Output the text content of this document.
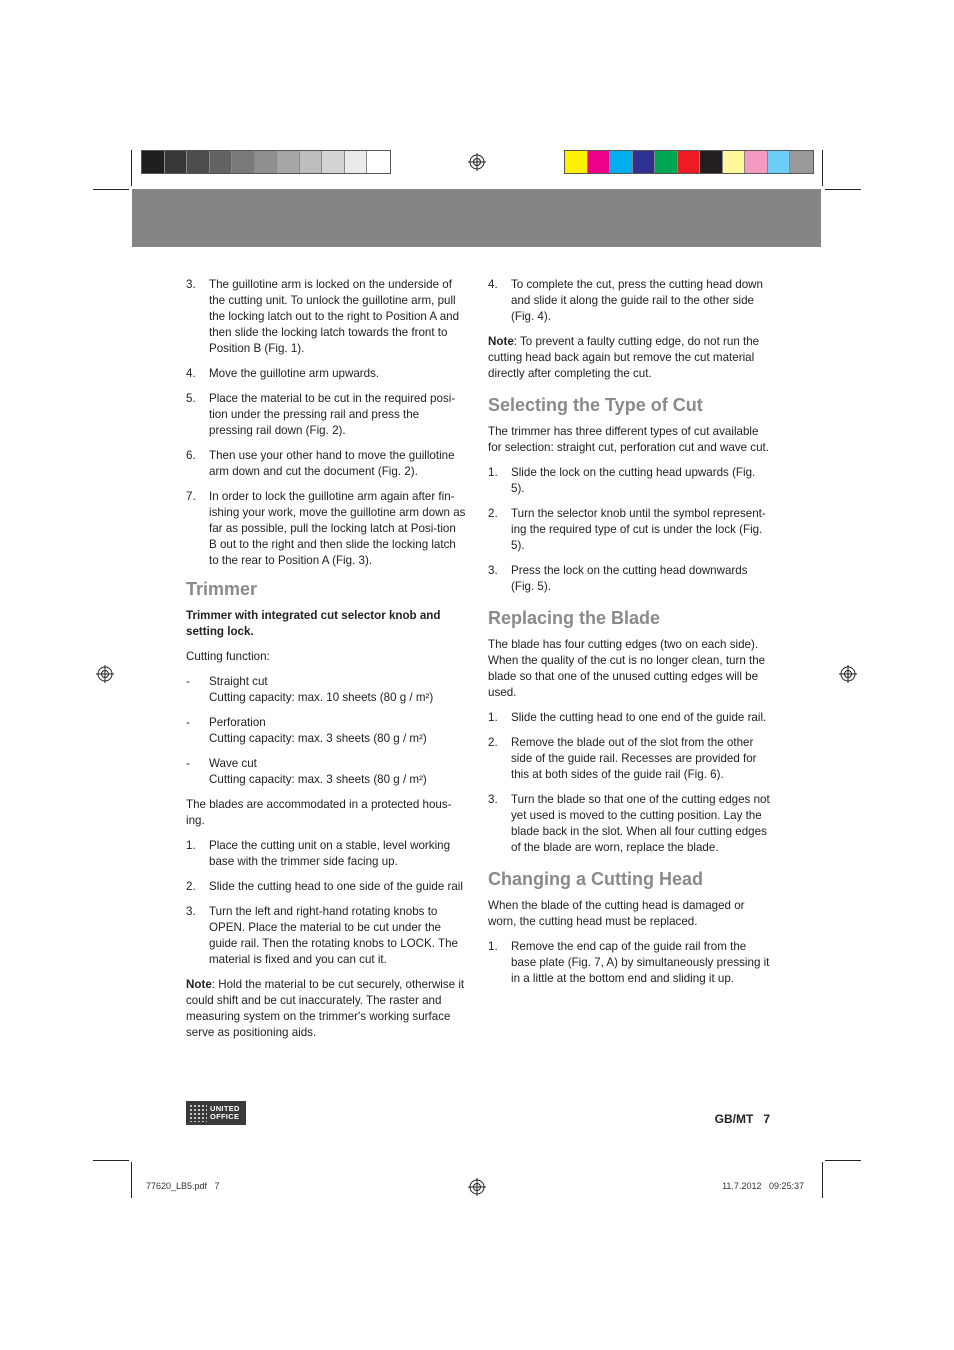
3.	The guillotine arm is locked on the underside of the cutting unit. To unlock the guillotine arm, pull the locking latch out to the right to Position A and then slide the locking latch towards the front to Position B (Fig. 1).
4.	Move the guillotine arm upwards.
5.	Place the material to be cut in the required posi-tion under the pressing rail and press the pressing rail down (Fig. 2).
6.	Then use your other hand to move the guillotine arm down and cut the document (Fig. 2).
7.	In order to lock the guillotine arm again after fin-ishing your work, move the guillotine arm down as far as possible, pull the locking latch at Posi-tion B out to the right and then slide the locking latch to the rear to Position A (Fig. 3).
Trimmer

Trimmer with integrated cut selector knob and setting lock.

Cutting function:

-	Straight cut
Cutting capacity: max. 10 sheets (80 g / m²)
-	Perforation
Cutting capacity: max. 3 sheets (80 g / m²)
-	Wave cut
Cutting capacity: max. 3 sheets (80 g / m²)

The blades are accommodated in a protected hous-ing.

1.	Place the cutting unit on a stable, level working base with the trimmer side facing up.
2.	Slide the cutting head to one side of the guide rail
3.	Turn the left and right-hand rotating knobs to OPEN. Place the material to be cut under the guide rail. Then the rotating knobs to LOCK. The material is fixed and you can cut it.

Note: Hold the material to be cut securely, otherwise it could shift and be cut inaccurately. The raster and measuring system on the trimmer's working surface serve as positioning aids.

4.	To complete the cut, press the cutting head down and slide it along the guide rail to the other side (Fig. 4).

Note: To prevent a faulty cutting edge, do not run the cutting head back again but remove the cut material directly after completing the cut.

Selecting the Type of Cut

The trimmer has three different types of cut available for selection: straight cut, perforation cut and wave cut.

1.	Slide the lock on the cutting head upwards (Fig. 5).
2.	Turn the selector knob until the symbol represent-ing the required type of cut is under the lock (Fig. 5).
3.	Press the lock on the cutting head downwards (Fig. 5).
Replacing the Blade

The blade has four cutting edges (two on each side). When the quality of the cut is no longer clean, turn the blade so that one of the unused cutting edges will be used.

1.	Slide the cutting head to one end of the guide rail.
2.	Remove the blade out of the slot from the other side of the guide rail. Recesses are provided for this at both sides of the guide rail (Fig. 6).
3.	Turn the blade so that one of the cutting edges not yet used is moved to the cutting position. Lay the blade back in the slot. When all four cutting edges of the blade are worn, replace the blade.
Changing a Cutting Head

When the blade of the cutting head is damaged or worn, the cutting head must be replaced.

1.	Remove the end cap of the guide rail from the base plate (Fig. 7, A) by simultaneously pressing it in a little at the bottom end and sliding it up.
UNITED
OFFICE	GB/MT   7
77620_LB5.pdf   7	11.7.2012   09:25:37
